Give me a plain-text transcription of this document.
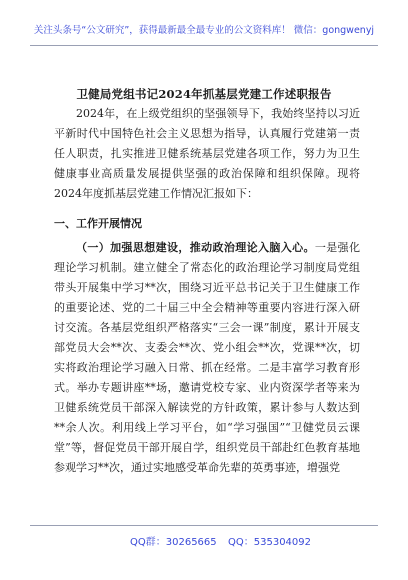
关注头条号“公文研究”，获得最新最全最专业的公文资料库！ 微信：gongwenyj
卫健局党组书记2024年抓基层党建工作述职报告

2024年，在上级党组织的坚强领导下，我始终坚持以习近平新时代中国特色社会主义思想为指导，认真履行党建第一责任人职责，扎实推进卫健系统基层党建各项工作，努力为卫生健康事业高质量发展提供坚强的政治保障和组织保障。现将2024年度抓基层党建工作情况汇报如下：

一、工作开展情况

（一）加强思想建设，推动政治理论入脑入心。一是强化理论学习机制。建立健全了常态化的政治理论学习制度局党组带头开展集中学习**次，围绕习近平总书记关于卫生健康工作的重要论述、党的二十届三中全会精神等重要内容进行深入研讨交流。各基层党组织严格落实“三会一课”制度，累计开展支部党员大会**次、支委会**次、党小组会**次，党课**次，切实将政治理论学习融入日常、抓在经常。二是丰富学习教育形式。举办专题讲座**场，邀请党校专家、业内资深学者等来为卫健系统党员干部深入解读党的方针政策，累计参与人数达到**余人次。利用线上学习平台，如“学习强国”“卫健党员云课堂”等，督促党员干部开展自学，组织党员干部赴红色教育基地参观学习**次，通过实地感受革命先辈的英勇事迹，增强党

QQ群：30265665 QQ：535304092
